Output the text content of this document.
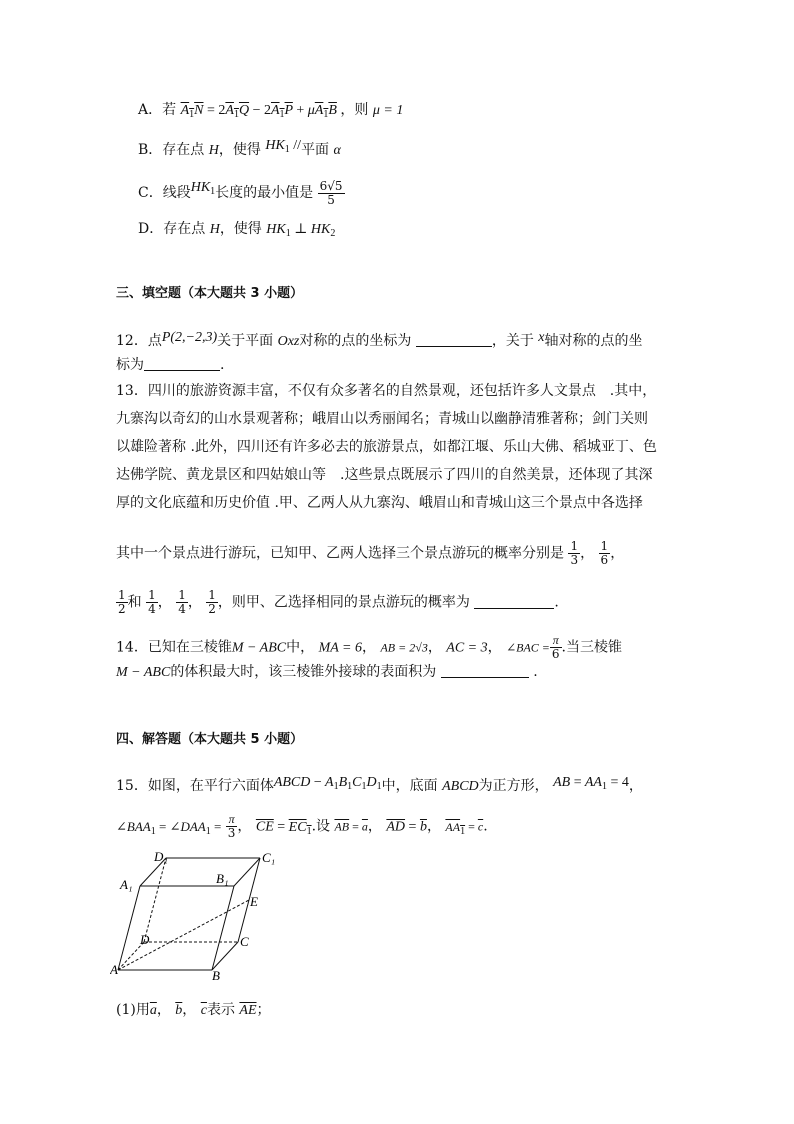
A．若 $A_1N = 2A_1Q - 2A_1P + \mu A_1B$ ，则 μ = 1
B．存在点 H，使得 $HK_1$ //平面 α
C．线段$HK_1$长度的最小值是 $\frac{6√5}{5}$
D．存在点 H，使得 $HK_1$ ⊥ $HK_2$
三、填空题（本大题共 3 小题）
12．点P(2,−2,3)关于平面 Oxz对称的点的坐标为	，关于 x轴对称的点的坐
标为	.
13．四川的旅游资源丰富，不仅有众多著名的自然景观，还包括许多人文景点　.其中，
九寨沟以奇幻的山水景观著称；峨眉山以秀丽闻名；青城山以幽静清雅著称；剑门关则
以雄险著称 .此外，四川还有许多必去的旅游景点，如都江堰、乐山大佛、稻城亚丁、色
达佛学院、黄龙景区和四姑娘山等　.这些景点既展示了四川的自然美景，还体现了其深
厚的文化底蕴和历史价值 .甲、乙两人从九寨沟、峨眉山和青城山这三个景点中各选择
其中一个景点进行游玩，已知甲、乙两人选择三个景点游玩的概率分别是 $\frac{1}{3}$ ， $\frac{1}{6}$ ，
$\frac{1}{2}$ 和 $\frac{1}{4}$ ， $\frac{1}{4}$ ， $\frac{1}{2}$ ，则甲、乙选择相同的景点游玩的概率为	.
14．已知在三棱锥M − ABC中， MA = 6， AB = 2√3， AC = 3， ∠BAC = $\frac{\pi}{6}$ .当三棱锥
M − ABC的体积最大时，该三棱锥外接球的表面积为	.
四、解答题（本大题共 5 小题）
15．如图，在平行六面体ABCD − $A_1B_1C_1D_1$中，底面 ABCD为正方形， AB = $AA_1 = 4$，
$\angle BAA_1$ = $\angle DAA_1 = \frac{\pi}{3}$ ， $\overline{CE} = EC_1$.设 $\overline{AB} = \overline{a}$， $\overline{AD} = \overline{b}$， $AA_1 = \overline{c}$.
D₁	C₁
A₁	B₁
E
D	C
A	B
(1)用$\overline{a}$， $\overline{b}$， $\overline{c}$表示 $\overline{AE}$；
